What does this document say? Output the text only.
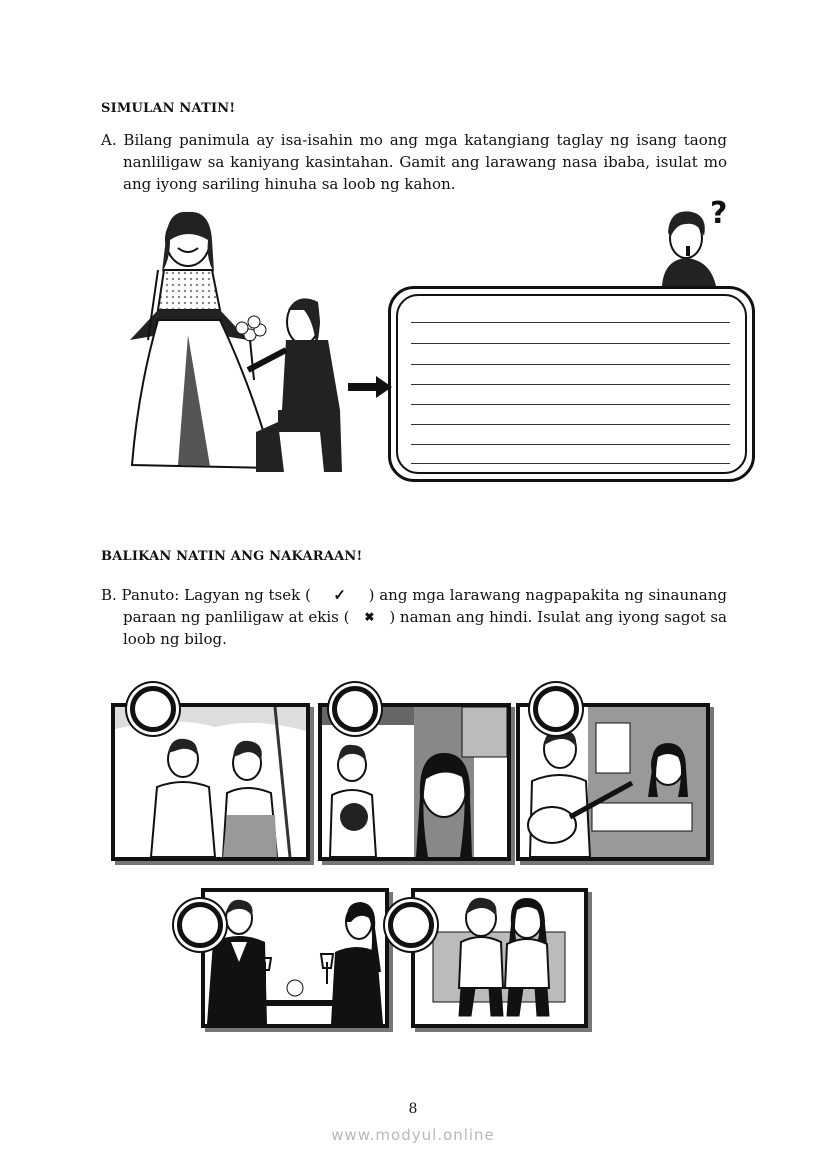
SIMULAN NATIN!
A. Bilang panimula ay isa-isahin mo ang mga katangiang taglay ng isang taong
nanliligaw sa kaniyang kasintahan. Gamit ang larawang nasa ibaba, isulat mo
ang iyong sariling hinuha sa loob ng kahon.
?
BALIKAN NATIN ANG NAKARAAN!
B. Panuto: Lagyan ng tsek (	✓	) ang mga larawang nagpapakita ng sinaunang
paraan ng panliligaw at ekis (	✖ ) naman ang hindi. Isulat ang iyong sagot sa
loob ng bilog.
8
www.modyul.online
